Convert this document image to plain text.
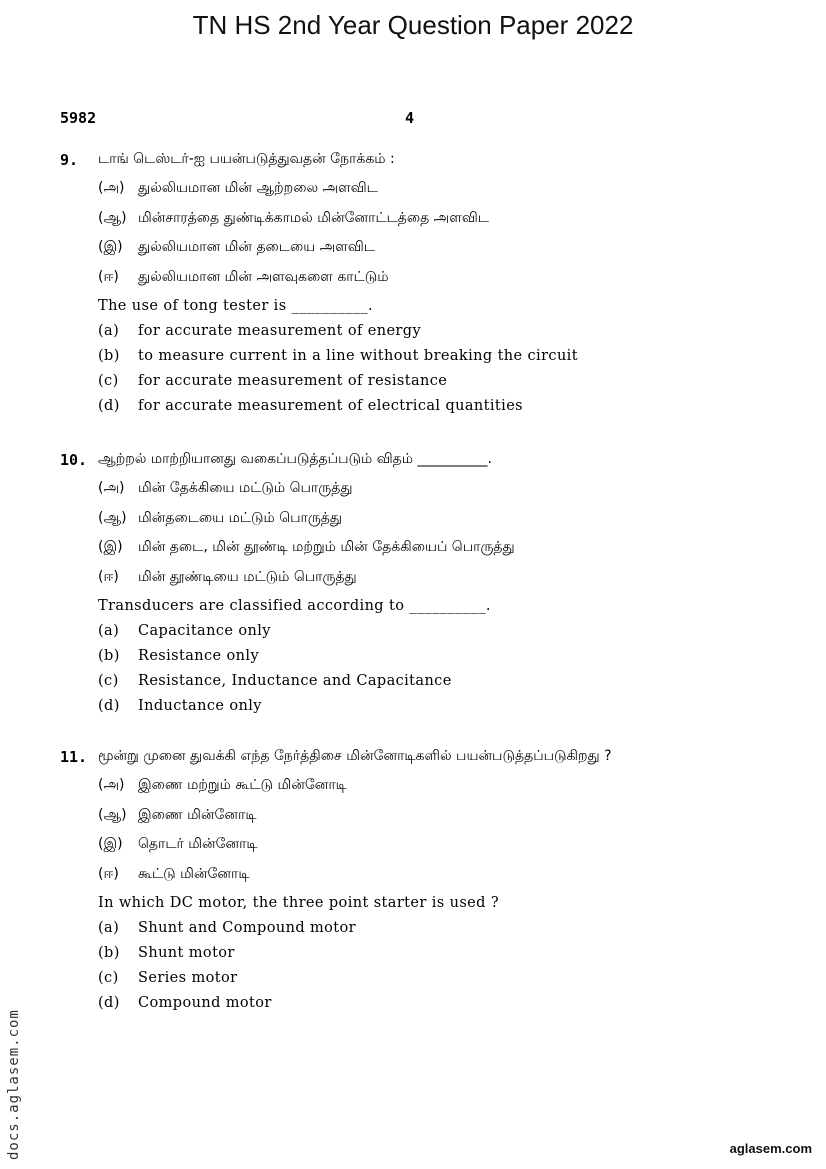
TN HS 2nd Year Question Paper 2022
5982	4
9. டாங் டெஸ்டர்-ஐ பயன்படுத்துவதன் நோக்கம் :
(அ) துல்லியமான மின் ஆற்றலை அளவிட
(ஆ) மின்சாரத்தை துண்டிக்காமல் மின்னோட்டத்தை அளவிட
(இ) துல்லியமான மின் தடையை அளவிட
(ஈ) துல்லியமான மின் அளவுகளை காட்டும்
The use of tong tester is __________.
(a) for accurate measurement of energy
(b) to measure current in a line without breaking the circuit
(c) for accurate measurement of resistance
(d) for accurate measurement of electrical quantities
10. ஆற்றல் மாற்றியானது வகைப்படுத்தப்படும் விதம் __________.
(அ) மின் தேக்கியை மட்டும் பொருத்து
(ஆ) மின்தடையை மட்டும் பொருத்து
(இ) மின் தடை, மின் தூண்டி மற்றும் மின் தேக்கியைப் பொருத்து
(ஈ) மின் தூண்டியை மட்டும் பொருத்து
Transducers are classified according to __________.
(a) Capacitance only
(b) Resistance only
(c) Resistance, Inductance and Capacitance
(d) Inductance only
11. மூன்று முனை துவக்கி எந்த நேர்த்திசை மின்னோடிகளில் பயன்படுத்தப்படுகிறது ?
(அ) இணை மற்றும் கூட்டு மின்னோடி
(ஆ) இணை மின்னோடி
(இ) தொடர் மின்னோடி
(ஈ) கூட்டு மின்னோடி
In which DC motor, the three point starter is used ?
(a) Shunt and Compound motor
(b) Shunt motor
(c) Series motor
(d) Compound motor
docs.aglasem.com	aglasem.com
